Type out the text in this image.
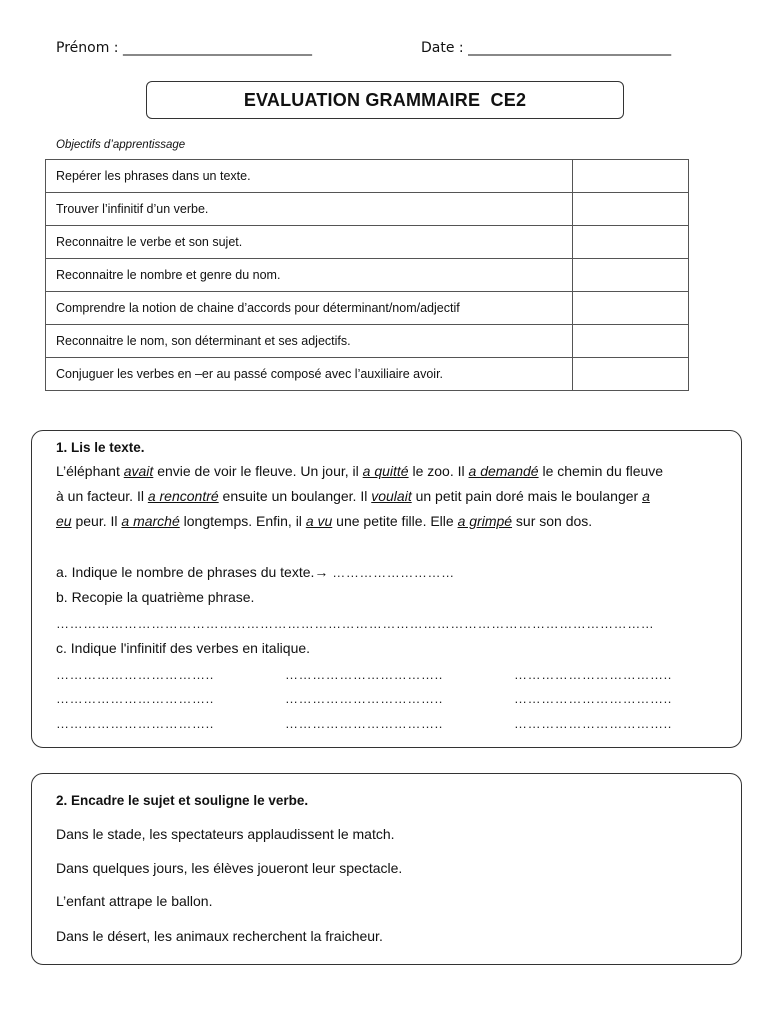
Prénom : ___________________________	Date : _____________________________
EVALUATION GRAMMAIRE  CE2
Objectifs d’apprentissage
Repérer les phrases dans un texte.	
Trouver l’infinitif d’un verbe.	
Reconnaitre le verbe et son sujet.	
Reconnaitre le nombre et genre du nom.	
Comprendre la notion de chaine d’accords pour déterminant/nom/adjectif	
Reconnaitre le nom, son déterminant et ses adjectifs.	
Conjuguer les verbes en –er au passé composé avec l’auxiliaire avoir.	
1. Lis le texte.
L’éléphant avait envie de voir le fleuve. Un jour, il a quitté le zoo. Il a demandé le chemin du fleuve
à un facteur. Il a rencontré ensuite un boulanger. Il voulait un petit pain doré mais le boulanger a
eu peur. Il a marché longtemps. Enfin, il a vu une petite fille. Elle a grimpé sur son dos.
a. Indique le nombre de phrases du texte.→ ………………………
b. Recopie la quatrième phrase.
……………………………………………………………………………………………………………………
c. Indique l'infinitif des verbes en italique.
……………………………..	……………………………..	……………………………..
……………………………..	……………………………..	……………………………..
……………………………..	……………………………..	……………………………..
2. Encadre le sujet et souligne le verbe.
Dans le stade, les spectateurs applaudissent le match.
Dans quelques jours, les élèves joueront leur spectacle.
L’enfant attrape le ballon.
Dans le désert, les animaux recherchent la fraicheur.
